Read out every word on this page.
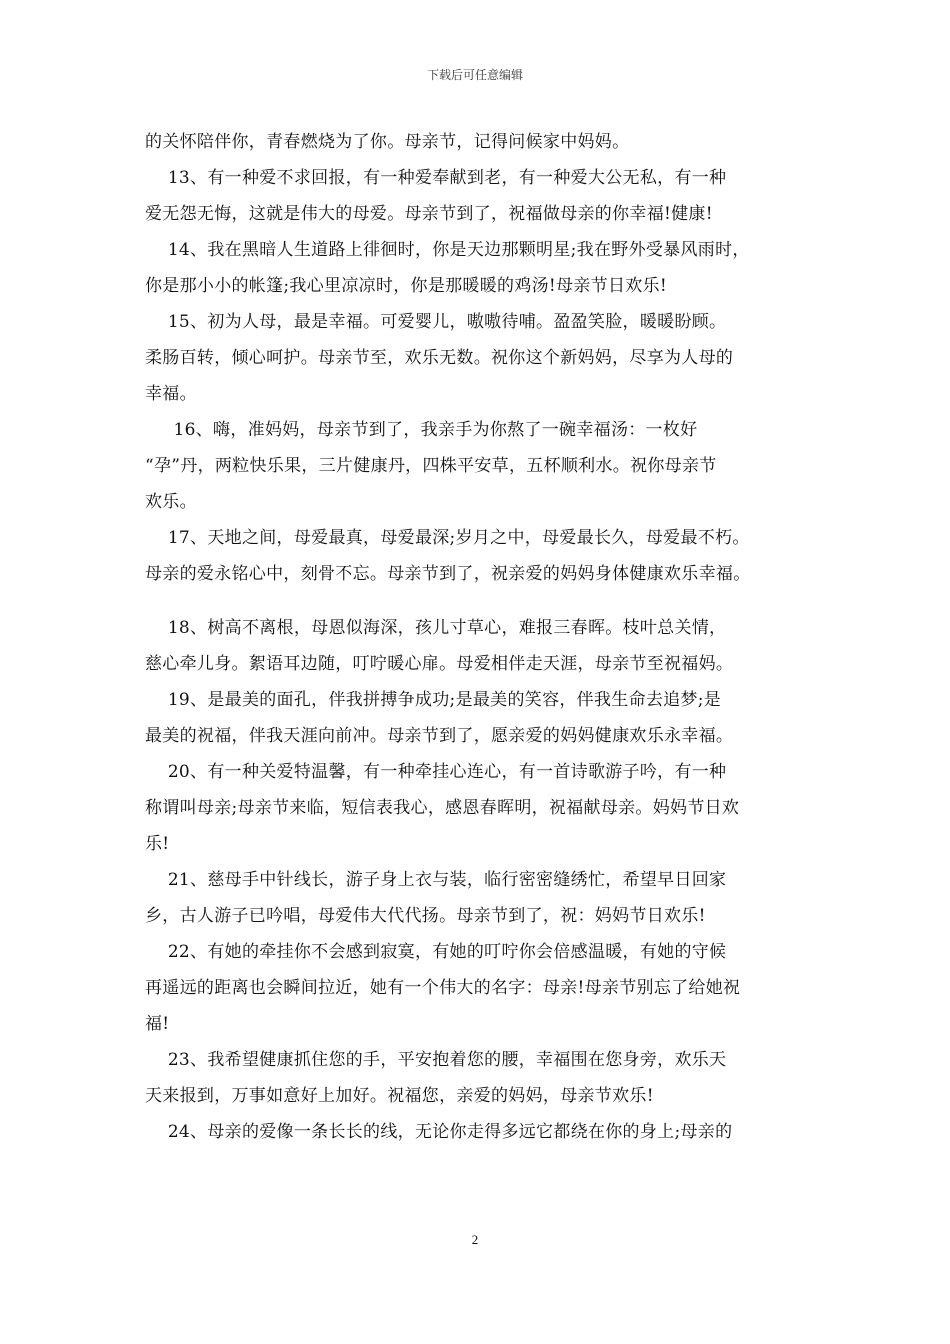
下载后可任意编辑
的关怀陪伴你，青春燃烧为了你。母亲节，记得问候家中妈妈。
13、有一种爱不求回报，有一种爱奉献到老，有一种爱大公无私，有一种
爱无怨无悔，这就是伟大的母爱。母亲节到了，祝福做母亲的你幸福!健康!
14、我在黑暗人生道路上徘徊时，你是天边那颗明星;我在野外受暴风雨时，
你是那小小的帐篷;我心里凉凉时，你是那暖暖的鸡汤!母亲节日欢乐!
15、初为人母，最是幸福。可爱婴儿，嗷嗷待哺。盈盈笑脸，暖暖盼顾。
柔肠百转，倾心呵护。母亲节至，欢乐无数。祝你这个新妈妈，尽享为人母的
幸福。
16、嗨，准妈妈，母亲节到了，我亲手为你熬了一碗幸福汤：一枚好
“孕”丹，两粒快乐果，三片健康丹，四株平安草，五杯顺利水。祝你母亲节
欢乐。
17、天地之间，母爱最真，母爱最深;岁月之中，母爱最长久，母爱最不朽。
母亲的爱永铭心中，刻骨不忘。母亲节到了，祝亲爱的妈妈身体健康欢乐幸福。
18、树高不离根，母恩似海深，孩儿寸草心，难报三春晖。枝叶总关情，
慈心牵儿身。絮语耳边随，叮咛暖心扉。母爱相伴走天涯，母亲节至祝福妈。
19、是最美的面孔，伴我拼搏争成功;是最美的笑容，伴我生命去追梦;是
最美的祝福，伴我天涯向前冲。母亲节到了，愿亲爱的妈妈健康欢乐永幸福。
20、有一种关爱特温馨，有一种牵挂心连心，有一首诗歌游子吟，有一种
称谓叫母亲;母亲节来临，短信表我心，感恩春晖明，祝福献母亲。妈妈节日欢
乐!
21、慈母手中针线长，游子身上衣与装，临行密密缝绣忙，希望早日回家
乡，古人游子已吟唱，母爱伟大代代扬。母亲节到了，祝：妈妈节日欢乐!
22、有她的牵挂你不会感到寂寞，有她的叮咛你会倍感温暖，有她的守候
再遥远的距离也会瞬间拉近，她有一个伟大的名字：母亲!母亲节别忘了给她祝
福!
23、我希望健康抓住您的手，平安抱着您的腰，幸福围在您身旁，欢乐天
天来报到，万事如意好上加好。祝福您，亲爱的妈妈，母亲节欢乐!
24、母亲的爱像一条长长的线，无论你走得多远它都绕在你的身上;母亲的
2
